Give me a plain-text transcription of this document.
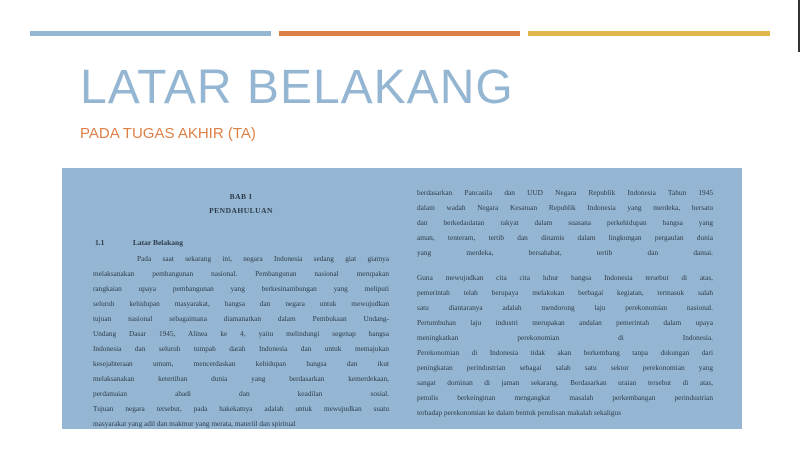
LATAR BELAKANG
PADA TUGAS AKHIR (TA)
BAB I
PENDAHULUAN
1.1	Latar Belakang
Pada saat sekarang ini, negara Indonesia sedang giat giatnya
melaksanakan pembangunan nasional. Pembangunan nasional merupakan
rangkaian upaya pembangunan yang berkesinambungan yang meliputi
seluruh kehidupan masyarakat, bangsa dan negara untuk mewujudkan
tujuan nasional sebagaimana diamanatkan dalam Pembukaan Undang-
Undang Dasar 1945, Alinea ke 4, yaitu melindungi segenap bangsa
Indonesia dan seluruh tumpah darah Indonesia dan untuk memajukan
kesejahteraan umum, mencerdaskan kehidupan bangsa dan ikut
melaksanakan ketertiban dunia yang berdasarkan kemerdekaan,
perdamaian abadi dan keadilan sosial.
Tujuan negara tersebut, pada hakekatnya adalah untuk mewujudkan suatu
masyarakat yang adil dan makmur yang merata, materiil dan spiritual
berdasarkan Pancasila dan UUD Negara Republik Indonesia Tahun 1945
dalam wadah Negara Kesatuan Republik Indonesia yang merdeka, bersatu
dan berkedaulatan rakyat dalam suasana perkehidupan bangsa yang
aman, tenteram, tertib dan dinamis dalam lingkungan pergaulan dunia
yang merdeka, bersahabat, tertib dan damai.
Guna mewujudkan cita cita luhur bangsa Indonesia tersebut di atas,
pemerintah telah berupaya melakukan berbagai kegiatan, termasuk salah
satu diantaranya adalah mendorong laju perekonomian nasional.
Pertumbuhan laju industri merupakan andalan pemerintah dalam upaya
meningkatkan perekonomian di Indonesia.
Perekonomian di Indonesia tidak akan berkembang tanpa dukungan dari
peningkatan perindustrian sebagai salah satu sektor perekonomian yang
sangat dominan di jaman sekarang. Berdasarkan uraian tersebut di atas,
penulis berkeinginan mengangkat masalah perkembangan perindustrian
terhadap perekonomian ke dalam bentuk penulisan makalah sekaligus
